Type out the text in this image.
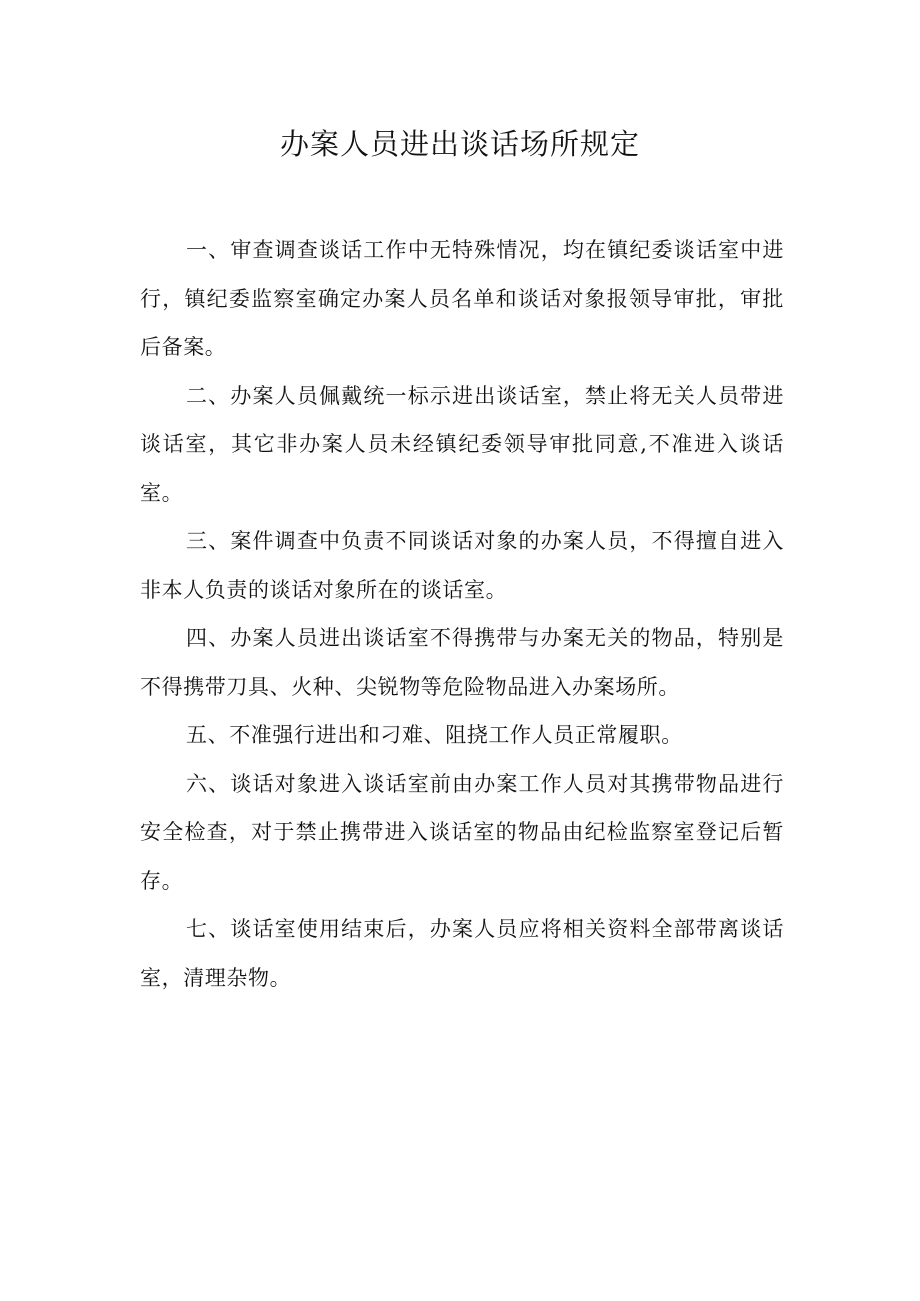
办案人员进出谈话场所规定

一、审查调查谈话工作中无特殊情况，均在镇纪委谈话室中进行，镇纪委监察室确定办案人员名单和谈话对象报领导审批，审批后备案。

二、办案人员佩戴统一标示进出谈话室，禁止将无关人员带进谈话室，其它非办案人员未经镇纪委领导审批同意,不准进入谈话室。

三、案件调查中负责不同谈话对象的办案人员，不得擅自进入非本人负责的谈话对象所在的谈话室。

四、办案人员进出谈话室不得携带与办案无关的物品，特别是不得携带刀具、火种、尖锐物等危险物品进入办案场所。

五、不准强行进出和刁难、阻挠工作人员正常履职。

六、谈话对象进入谈话室前由办案工作人员对其携带物品进行安全检查，对于禁止携带进入谈话室的物品由纪检监察室登记后暂存。

七、谈话室使用结束后，办案人员应将相关资料全部带离谈话室，清理杂物。
